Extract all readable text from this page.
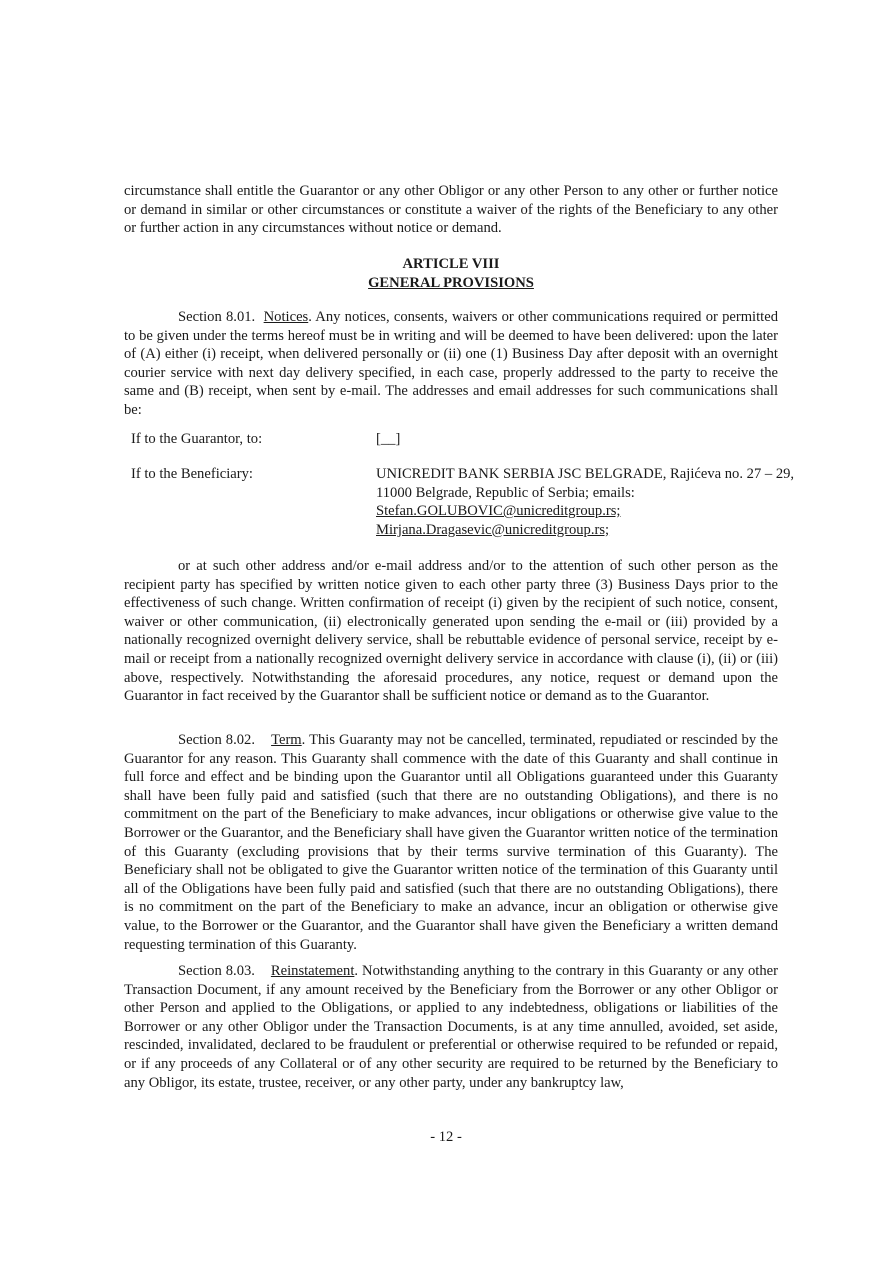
circumstance shall entitle the Guarantor or any other Obligor or any other Person to any other or further notice or demand in similar or other circumstances or constitute a waiver of the rights of the Beneficiary to any other or further action in any circumstances without notice or demand.

ARTICLE VIII
GENERAL PROVISIONS

Section 8.01. Notices. Any notices, consents, waivers or other communications required or permitted to be given under the terms hereof must be in writing and will be deemed to have been delivered: upon the later of (A) either (i) receipt, when delivered personally or (ii) one (1) Business Day after deposit with an overnight courier service with next day delivery specified, in each case, properly addressed to the party to receive the same and (B) receipt, when sent by e-mail. The addresses and email addresses for such communications shall be:

If to the Guarantor, to:	[__]
If to the Beneficiary:	UNICREDIT BANK SERBIA JSC BELGRADE, Rajićeva no. 27 – 29, 11000 Belgrade, Republic of Serbia; emails:
Stefan.GOLUBOVIC@unicreditgroup.rs;
Mirjana.Dragasevic@unicreditgroup.rs;

or at such other address and/or e-mail address and/or to the attention of such other person as the recipient party has specified by written notice given to each other party three (3) Business Days prior to the effectiveness of such change. Written confirmation of receipt (i) given by the recipient of such notice, consent, waiver or other communication, (ii) electronically generated upon sending the e-mail or (iii) provided by a nationally recognized overnight delivery service, shall be rebuttable evidence of personal service, receipt by e-mail or receipt from a nationally recognized overnight delivery service in accordance with clause (i), (ii) or (iii) above, respectively. Notwithstanding the aforesaid procedures, any notice, request or demand upon the Guarantor in fact received by the Guarantor shall be sufficient notice or demand as to the Guarantor.

Section 8.02. Term. This Guaranty may not be cancelled, terminated, repudiated or rescinded by the Guarantor for any reason. This Guaranty shall commence with the date of this Guaranty and shall continue in full force and effect and be binding upon the Guarantor until all Obligations guaranteed under this Guaranty shall have been fully paid and satisfied (such that there are no outstanding Obligations), and there is no commitment on the part of the Beneficiary to make advances, incur obligations or otherwise give value to the Borrower or the Guarantor, and the Beneficiary shall have given the Guarantor written notice of the termination of this Guaranty (excluding provisions that by their terms survive termination of this Guaranty). The Beneficiary shall not be obligated to give the Guarantor written notice of the termination of this Guaranty until all of the Obligations have been fully paid and satisfied (such that there are no outstanding Obligations), there is no commitment on the part of the Beneficiary to make an advance, incur an obligation or otherwise give value, to the Borrower or the Guarantor, and the Guarantor shall have given the Beneficiary a written demand requesting termination of this Guaranty.

Section 8.03. Reinstatement. Notwithstanding anything to the contrary in this Guaranty or any other Transaction Document, if any amount received by the Beneficiary from the Borrower or any other Obligor or other Person and applied to the Obligations, or applied to any indebtedness, obligations or liabilities of the Borrower or any other Obligor under the Transaction Documents, is at any time annulled, avoided, set aside, rescinded, invalidated, declared to be fraudulent or preferential or otherwise required to be refunded or repaid, or if any proceeds of any Collateral or of any other security are required to be returned by the Beneficiary to any Obligor, its estate, trustee, receiver, or any other party, under any bankruptcy law,

- 12 -
